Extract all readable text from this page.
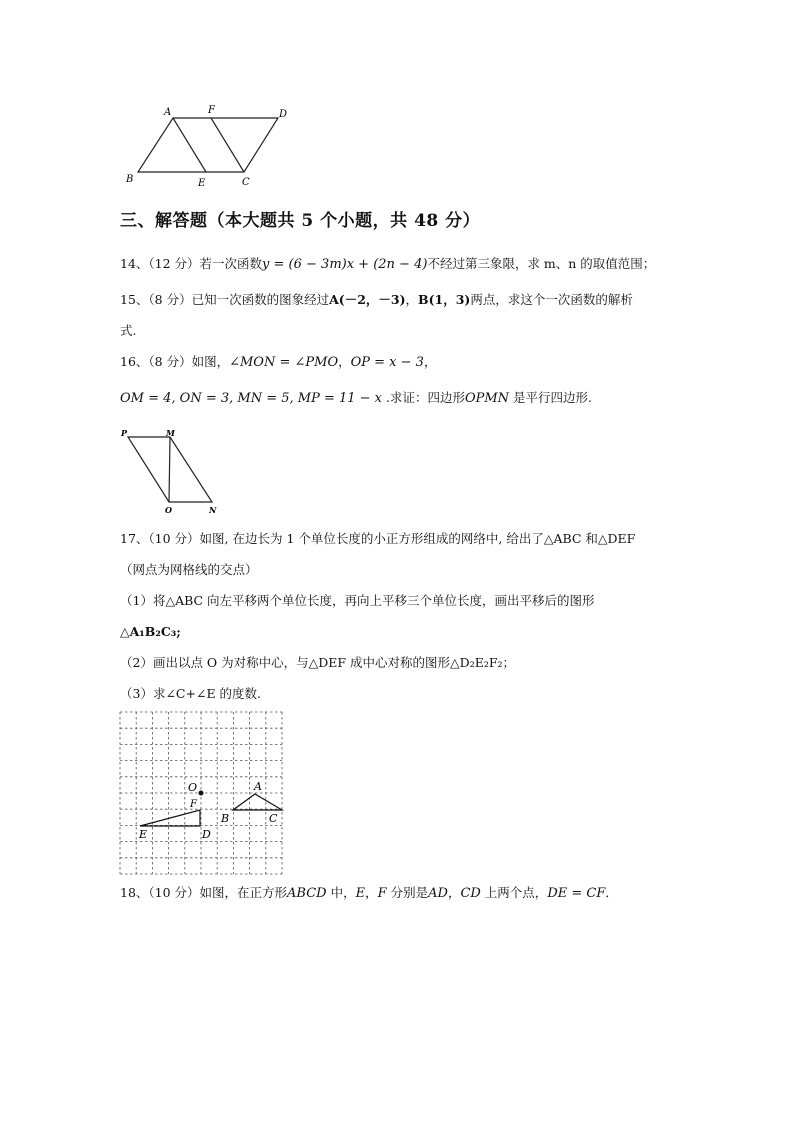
A	F	D
B	E	C
三、解答题（本大题共 5 个小题，共 48 分）
14、（12 分）若一次函数y = (6 − 3m)x + (2n − 4)不经过第三象限，求 m、n 的取值范围；
15、（8 分）已知一次函数的图象经过A(－2，－3)，B(1，3)两点，求这个一次函数的解析
式.
16、（8 分）如图，∠MON = ∠PMO，OP = x − 3，
OM = 4, ON = 3, MN = 5, MP = 11 − x .求证：四边形OPMN 是平行四边形.
P	M
O	N
17、（10 分）如图, 在边长为 1 个单位长度的小正方形组成的网络中, 给出了△ABC 和△DEF
（网点为网格线的交点）
（1）将△ABC 向左平移两个单位长度，再向上平移三个单位长度，画出平移后的图形
△A₁B₂C₃;
（2）画出以点 O 为对称中心，与△DEF 成中心对称的图形△D₂E₂F₂；
（3）求∠C+∠E 的度数.
O
F
E	D
A
B	C
18、（10 分）如图，在正方形ABCD 中，E，F 分别是AD，CD 上两个点，DE = CF．
